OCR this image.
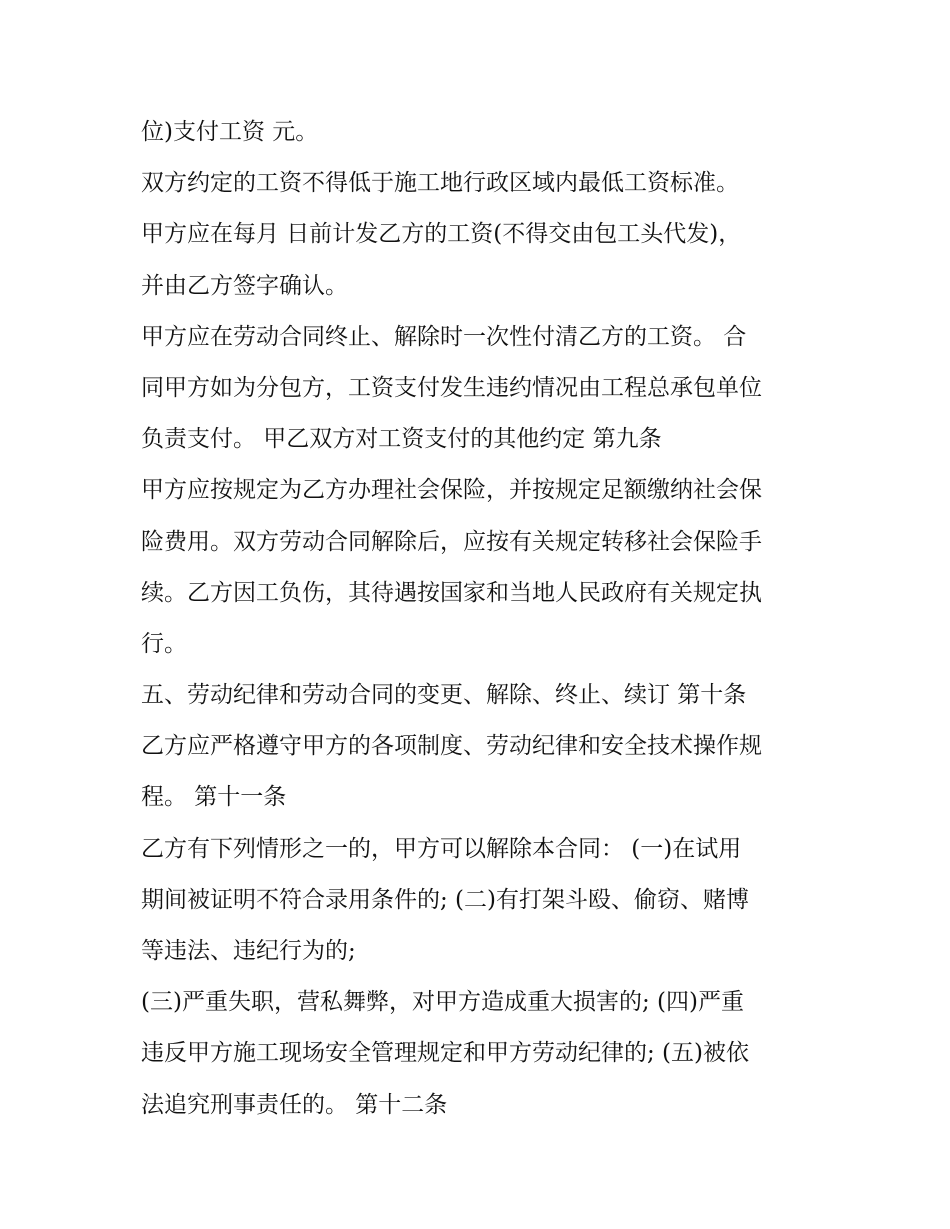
位)支付工资 元。
双方约定的工资不得低于施工地行政区域内最低工资标准。
甲方应在每月 日前计发乙方的工资(不得交由包工头代发)，
并由乙方签字确认。
甲方应在劳动合同终止、解除时一次性付清乙方的工资。 合
同甲方如为分包方，工资支付发生违约情况由工程总承包单位
负责支付。 甲乙双方对工资支付的其他约定 第九条
甲方应按规定为乙方办理社会保险，并按规定足额缴纳社会保
险费用。双方劳动合同解除后，应按有关规定转移社会保险手
续。乙方因工负伤，其待遇按国家和当地人民政府有关规定执
行。
五、劳动纪律和劳动合同的变更、解除、终止、续订 第十条
乙方应严格遵守甲方的各项制度、劳动纪律和安全技术操作规
程。 第十一条
乙方有下列情形之一的，甲方可以解除本合同： (一)在试用
期间被证明不符合录用条件的; (二)有打架斗殴、偷窃、赌博
等违法、违纪行为的;
(三)严重失职，营私舞弊，对甲方造成重大损害的; (四)严重
违反甲方施工现场安全管理规定和甲方劳动纪律的; (五)被依
法追究刑事责任的。 第十二条
